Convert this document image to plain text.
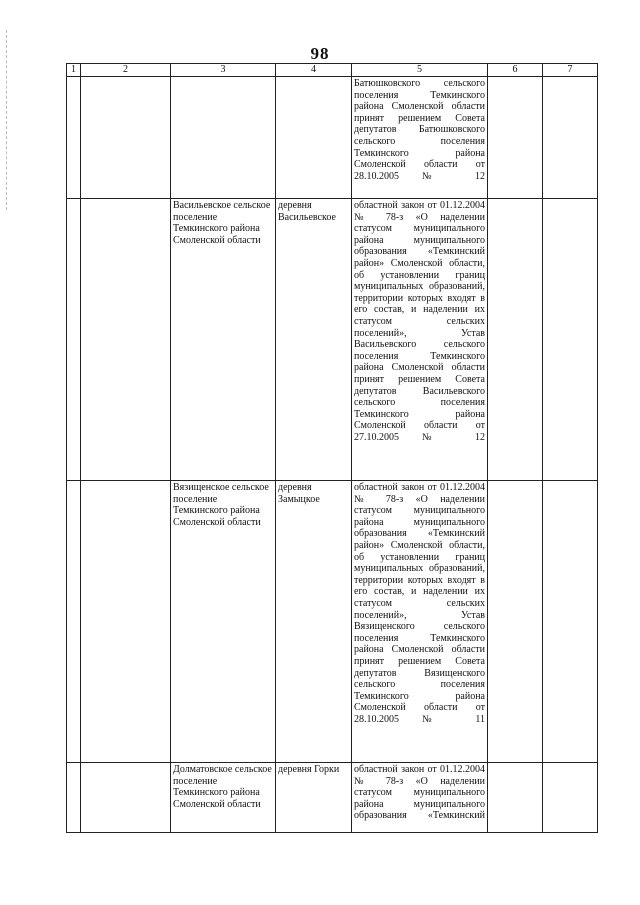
98
1	2	3	4	5	6	7
				Батюшковского сельского поселения Темкинского района Смоленской области принят решением Совета депутатов Батюшковского сельского поселения Темкинского района Смоленской области от 28.10.2005 № 12		
		Васильевское сельское поселение Темкинского района Смоленской области	деревня Васильевское	областной закон от 01.12.2004 № 78-з «О наделении статусом муниципального района муниципального образования «Темкинский район» Смоленской области, об установлении границ муниципальных образований, территории которых входят в его состав, и наделении их статусом сельских поселений», Устав Васильевского сельского поселения Темкинского района Смоленской области принят решением Совета депутатов Васильевского сельского поселения Темкинского района Смоленской области от 27.10.2005 № 12		
		Вязищенское сельское поселение Темкинского района Смоленской области	деревня Замыцкое	областной закон от 01.12.2004 № 78-з «О наделении статусом муниципального района муниципального образования «Темкинский район» Смоленской области, об установлении границ муниципальных образований, территории которых входят в его состав, и наделении их статусом сельских поселений», Устав Вязищенского сельского поселения Темкинского района Смоленской области принят решением Совета депутатов Вязищенского сельского поселения Темкинского района Смоленской области от 28.10.2005 № 11		
		Долматовское сельское поселение Темкинского района Смоленской области	деревня Горки	областной закон от 01.12.2004 № 78-з «О наделении статусом муниципального района муниципального образования «Темкинский		
